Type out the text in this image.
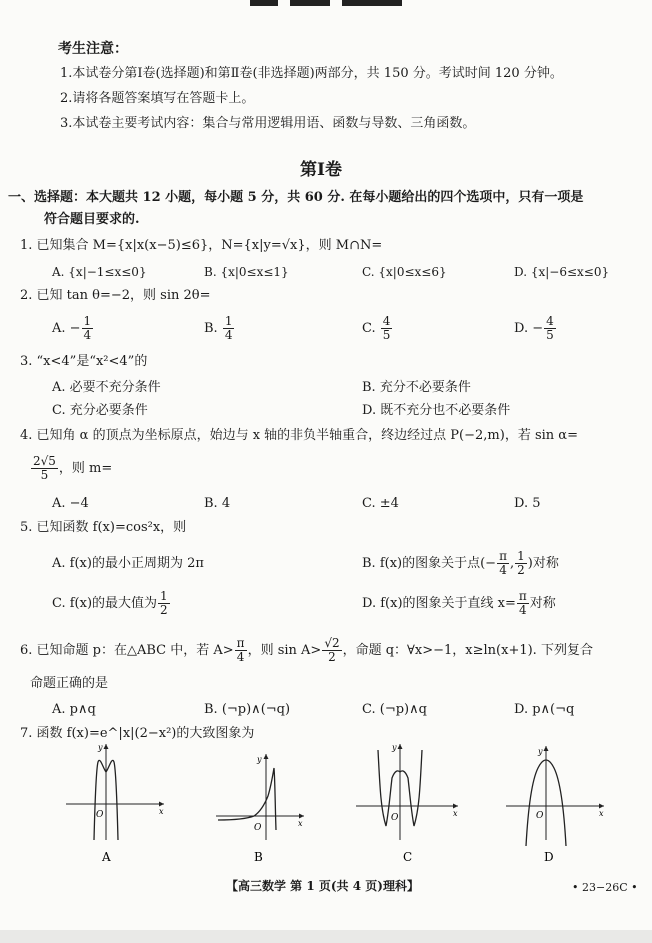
考生注意：
1.本试卷分第Ⅰ卷(选择题)和第Ⅱ卷(非选择题)两部分，共 150 分。考试时间 120 分钟。
2.请将各题答案填写在答题卡上。
3.本试卷主要考试内容：集合与常用逻辑用语、函数与导数、三角函数。
第Ⅰ卷
一、选择题：本大题共 12 小题，每小题 5 分，共 60 分. 在每小题给出的四个选项中，只有一项是
符合题目要求的.
1. 已知集合 M={x|x(x−5)≤6}，N={x|y=√x}，则 M∩N=
A. {x|−1≤x≤0}	B. {x|0≤x≤1}	C. {x|0≤x≤6}	D. {x|−6≤x≤0}
2. 已知 tan θ=−2，则 sin 2θ=
A. − $\frac{1}{4}$	B. $\frac{1}{4}$	C. $\frac{4}{5}$	D. − $\frac{4}{5}$
3. “x<4”是“x²<4”的
A. 必要不充分条件	B. 充分不必要条件
C. 充分必要条件	D. 既不充分也不必要条件
4. 已知角 α 的顶点为坐标原点，始边与 x 轴的非负半轴重合，终边经过点 P(−2,m)，若 sin α=
$\frac{2√5}{5}$ ，则 m=
A. −4	B. 4	C. ±4	D. 5
5. 已知函数 f(x)=cos²x，则
A. f(x)的最小正周期为 2π	B. f(x)的图象关于点(− $\frac{\pi}{4}$ , $\frac{1}{2}$ )对称
C. f(x)的最大值为 $\frac{1}{2}$	D. f(x)的图象关于直线 $x= \frac{\pi}{4}$ 对称
6. 已知命题 p：在△ABC 中，若 $A> \frac{\pi}{4}$ ，则 $\sin A> \frac{√2}{2}$ ，命题 q：∀x>−1，x≥ln(x+1). 下列复合
命题正确的是
A. p∧q	B. (¬p)∧(¬q)	C. (¬p)∧q	D. p∧(¬q
7. 函数 f(x)=e^|x|(2−x²)的大致图象为
x
y
O
A
x
y
O
B
x
y
O
C
x
y
O
D
【高三数学 第 1 页(共 4 页)理科】	• 23−26C •
